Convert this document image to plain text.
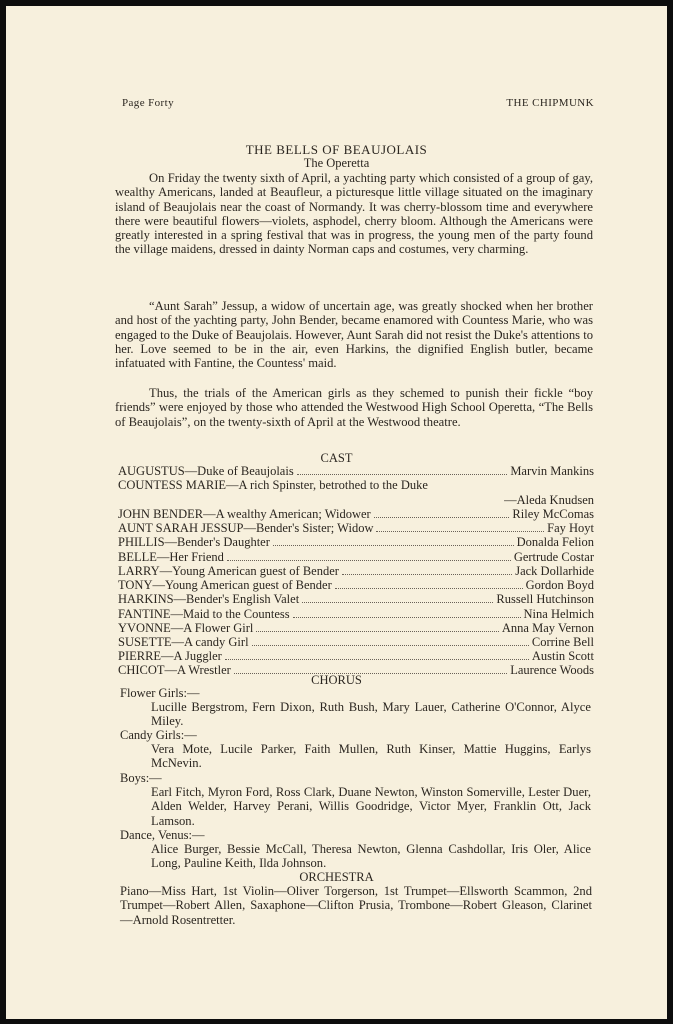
Page Forty	THE CHIPMUNK
THE BELLS OF BEAUJOLAIS
The Operetta

On Friday the twenty sixth of April, a yachting party which consisted of a group of gay, wealthy Americans, landed at Beaufleur, a picturesque little village situated on the imaginary island of Beaujolais near the coast of Normandy. It was cherry-blossom time and everywhere there were beautiful flowers—violets, asphodel, cherry bloom. Although the Americans were greatly interested in a spring festival that was in progress, the young men of the party found the village maidens, dressed in dainty Norman caps and costumes, very charming.

“Aunt Sarah” Jessup, a widow of uncertain age, was greatly shocked when her brother and host of the yachting party, John Bender, became enamored with Countess Marie, who was engaged to the Duke of Beaujolais. However, Aunt Sarah did not resist the Duke's attentions to her. Love seemed to be in the air, even Harkins, the dignified English butler, became infatuated with Fantine, the Countess' maid.

Thus, the trials of the American girls as they schemed to punish their fickle “boy friends” were enjoyed by those who attended the Westwood High School Operetta, “The Bells of Beaujolais”, on the twenty-sixth of April at the Westwood theatre.

CAST
AUGUSTUS—Duke of Beaujolais	Marvin Mankins
COUNTESS MARIE—A rich Spinster, betrothed to the Duke
—Aleda Knudsen
JOHN BENDER—A wealthy American; Widower	Riley McComas
AUNT SARAH JESSUP—Bender's Sister; Widow	Fay Hoyt
PHILLIS—Bender's Daughter	Donalda Felion
BELLE—Her Friend	Gertrude Costar
LARRY—Young American guest of Bender	Jack Dollarhide
TONY—Young American guest of Bender	Gordon Boyd
HARKINS—Bender's English Valet	Russell Hutchinson
FANTINE—Maid to the Countess	Nina Helmich
YVONNE—A Flower Girl	Anna May Vernon
SUSETTE—A candy Girl	Corrine Bell
PIERRE—A Juggler	Austin Scott
CHICOT—A Wrestler	Laurence Woods
CHORUS
Flower Girls:—

Lucille Bergstrom, Fern Dixon, Ruth Bush, Mary Lauer, Catherine O'Connor, Alyce Miley.

Candy Girls:—

Vera Mote, Lucile Parker, Faith Mullen, Ruth Kinser, Mattie Huggins, Earlys McNevin.

Boys:—

Earl Fitch, Myron Ford, Ross Clark, Duane Newton, Winston Somerville, Lester Duer, Alden Welder, Harvey Perani, Willis Goodridge, Victor Myer, Franklin Ott, Jack Lamson.

Dance, Venus:—

Alice Burger, Bessie McCall, Theresa Newton, Glenna Cashdollar, Iris Oler, Alice Long, Pauline Keith, Ilda Johnson.

ORCHESTRA

Piano—Miss Hart, 1st Violin—Oliver Torgerson, 1st Trumpet—Ellsworth Scammon, 2nd Trumpet—Robert Allen, Saxaphone—Clifton Prusia, Trombone—Robert Gleason, Clarinet—Arnold Rosentretter.
